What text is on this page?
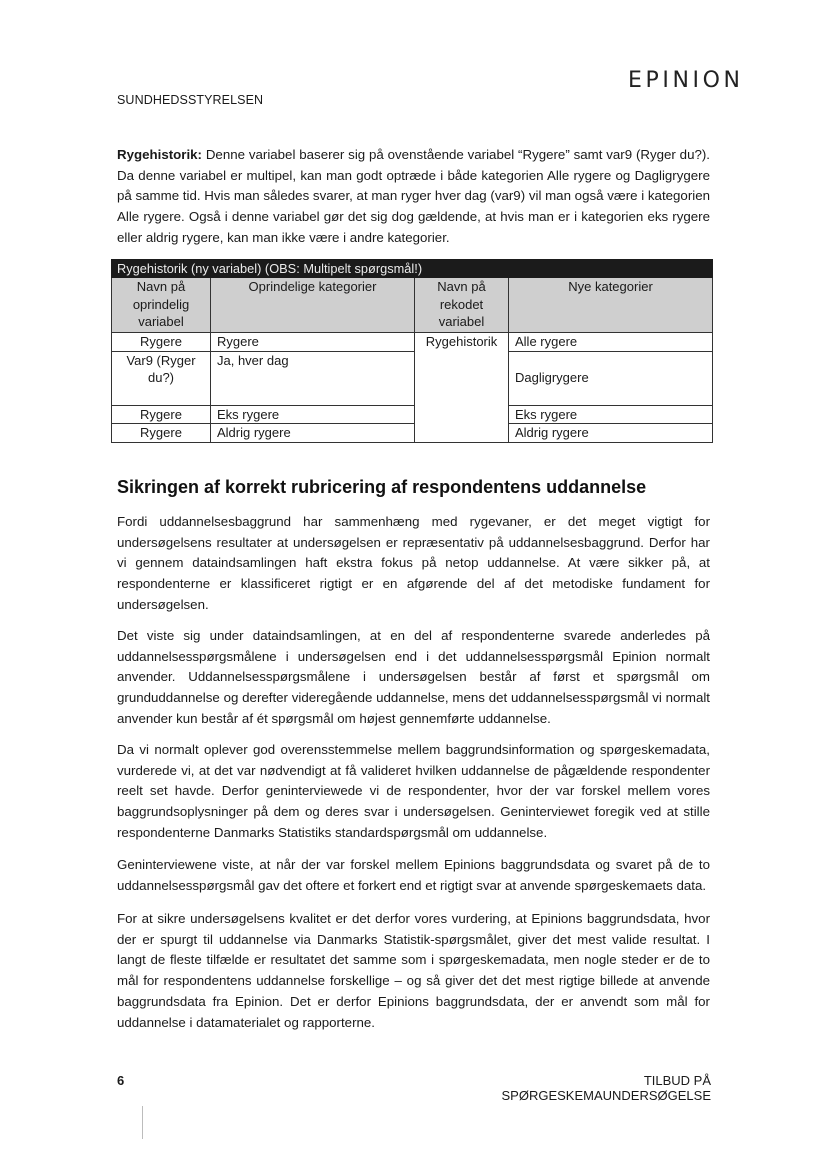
SUNDHEDSSTYRELSEN
EPINION

Rygehistorik: Denne variabel baserer sig på ovenstående variabel “Rygere” samt var9 (Ryger du?). Da denne variabel er multipel, kan man godt optræde i både kategorien Alle rygere og Dagligrygere på samme tid. Hvis man således svarer, at man ryger hver dag (var9) vil man også være i kategorien Alle rygere. Også i denne variabel gør det sig dog gældende, at hvis man er i kategorien eks rygere eller aldrig rygere, kan man ikke være i andre kategorier.

Rygehistorik (ny variabel) (OBS: Multipelt spørgsmål!)			
Navn på oprindelig variabel	Oprindelige kategorier	Navn på rekodet variabel	Nye kategorier
Rygere	Rygere	Rygehistorik	Alle rygere
Var9 (Ryger du?)	Ja, hver dag		Dagligrygere
Rygere	Eks rygere		Eks rygere
Rygere	Aldrig rygere		Aldrig rygere
Sikringen af korrekt rubricering af respondentens uddannelse

Fordi uddannelsesbaggrund har sammenhæng med rygevaner, er det meget vigtigt for undersøgelsens resultater at undersøgelsen er repræsentativ på uddannelsesbaggrund. Derfor har vi gennem dataindsamlingen haft ekstra fokus på netop uddannelse. At være sikker på, at respondenterne er klassificeret rigtigt er en afgørende del af det metodiske fundament for undersøgelsen.

Det viste sig under dataindsamlingen, at en del af respondenterne svarede anderledes på uddannelsesspørgsmålene i undersøgelsen end i det uddannelsesspørgsmål Epinion normalt anvender. Uddannelsesspørgsmålene i undersøgelsen består af først et spørgsmål om grunduddannelse og derefter videregående uddannelse, mens det uddannelsesspørgsmål vi normalt anvender kun består af ét spørgsmål om højest gennemførte uddannelse.

Da vi normalt oplever god overensstemmelse mellem baggrundsinformation og spørgeskemadata, vurderede vi, at det var nødvendigt at få valideret hvilken uddannelse de pågældende respondenter reelt set havde. Derfor geninterviewede vi de respondenter, hvor der var forskel mellem vores baggrundsoplysninger på dem og deres svar i undersøgelsen. Geninterviewet foregik ved at stille respondenterne Danmarks Statistiks standardspørgsmål om uddannelse.

Geninterviewene viste, at når der var forskel mellem Epinions baggrundsdata og svaret på de to uddannelsesspørgsmål gav det oftere et forkert end et rigtigt svar at anvende spørgeskemaets data.

For at sikre undersøgelsens kvalitet er det derfor vores vurdering, at Epinions baggrundsdata, hvor der er spurgt til uddannelse via Danmarks Statistik-spørgsmålet, giver det mest valide resultat. I langt de fleste tilfælde er resultatet det samme som i spørgeskemadata, men nogle steder er de to mål for respondentens uddannelse forskellige – og så giver det det mest rigtige billede at anvende baggrundsdata fra Epinion. Det er derfor Epinions baggrundsdata, der er anvendt som mål for uddannelse i datamaterialet og rapporterne.

6	TILBUD PÅ SPØRGESKEMAUNDERSØGELSE
